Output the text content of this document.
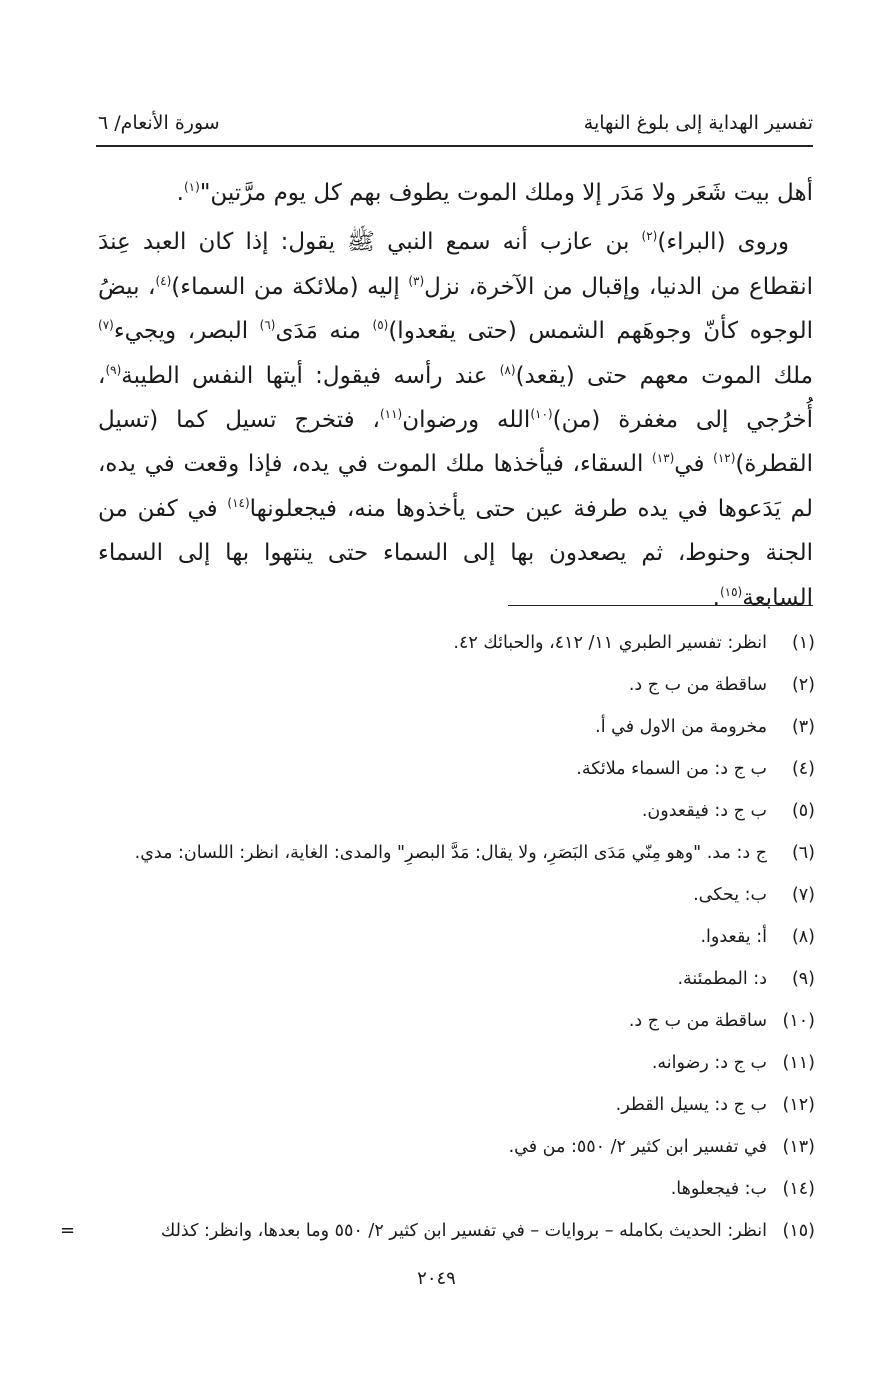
تفسير الهداية إلى بلوغ النهاية
سورة الأنعام/ ٦

أهل بيت شَعَر ولا مَدَر إلا وملك الموت يطوف بهم كل يوم مرَّتين"$^{(١)}$.

وروى (البراء)$^{(٢)}$ بن عازب أنه سمع النبي ﷺ يقول: إذا كان العبد عِندَ انقطاع من الدنيا، وإقبال من الآخرة، نزل$^{(٣)}$ إليه (ملائكة من السماء)$^{(٤)}$، بيضُ الوجوه كأنّ وجوهَهم الشمس (حتى يقعدوا)$^{(٥)}$ منه مَدَى$^{(٦)}$ البصر، ويجيء$^{(٧)}$ ملك الموت معهم حتى (يقعد)$^{(٨)}$ عند رأسه فيقول: أيتها النفس الطيبة$^{(٩)}$، أُخرُجي إلى مغفرة (من)$^{(١٠)}$الله ورضوان$^{(١١)}$، فتخرج تسيل كما (تسيل القطرة)$^{(١٢)}$ في$^{(١٣)}$ السقاء، فيأخذها ملك الموت في يده، فإذا وقعت في يده، لم يَدَعوها في يده طرفة عين حتى يأخذوها منه، فيجعلونها$^{(١٤)}$ في كفن من الجنة وحنوط، ثم يصعدون بها إلى السماء حتى ينتهوا بها إلى السماء السابعة$^{(١٥)}$.

(١)انظر: تفسير الطبري ١١/ ٤١٢، والحبائك ٤٢.
(٢)ساقطة من ب ج د.
(٣)مخرومة من الاول في أ.
(٤)ب ج د: من السماء ملائكة.
(٥)ب ج د: فيقعدون.
(٦)ج د: مد. "وهو مِنّي مَدَى البَصَرِ، ولا يقال: مَدَّ البصرِ" والمدى: الغاية، انظر: اللسان: مدي.
(٧)ب: يحكى.
(٨)أ: يقعدوا.
(٩)د: المطمئنة.
(١٠)ساقطة من ب ج د.
(١١)ب ج د: رضوانه.
(١٢)ب ج د: يسيل القطر.
(١٣)في تفسير ابن كثير ٢/ ٥٥٠: من في.
(١٤)ب: فيجعلوها.
(١٥)انظر: الحديث بكامله – بروايات – في تفسير ابن كثير ٢/ ٥٥٠ وما بعدها، وانظر: كذلك
=
٢٠٤٩
